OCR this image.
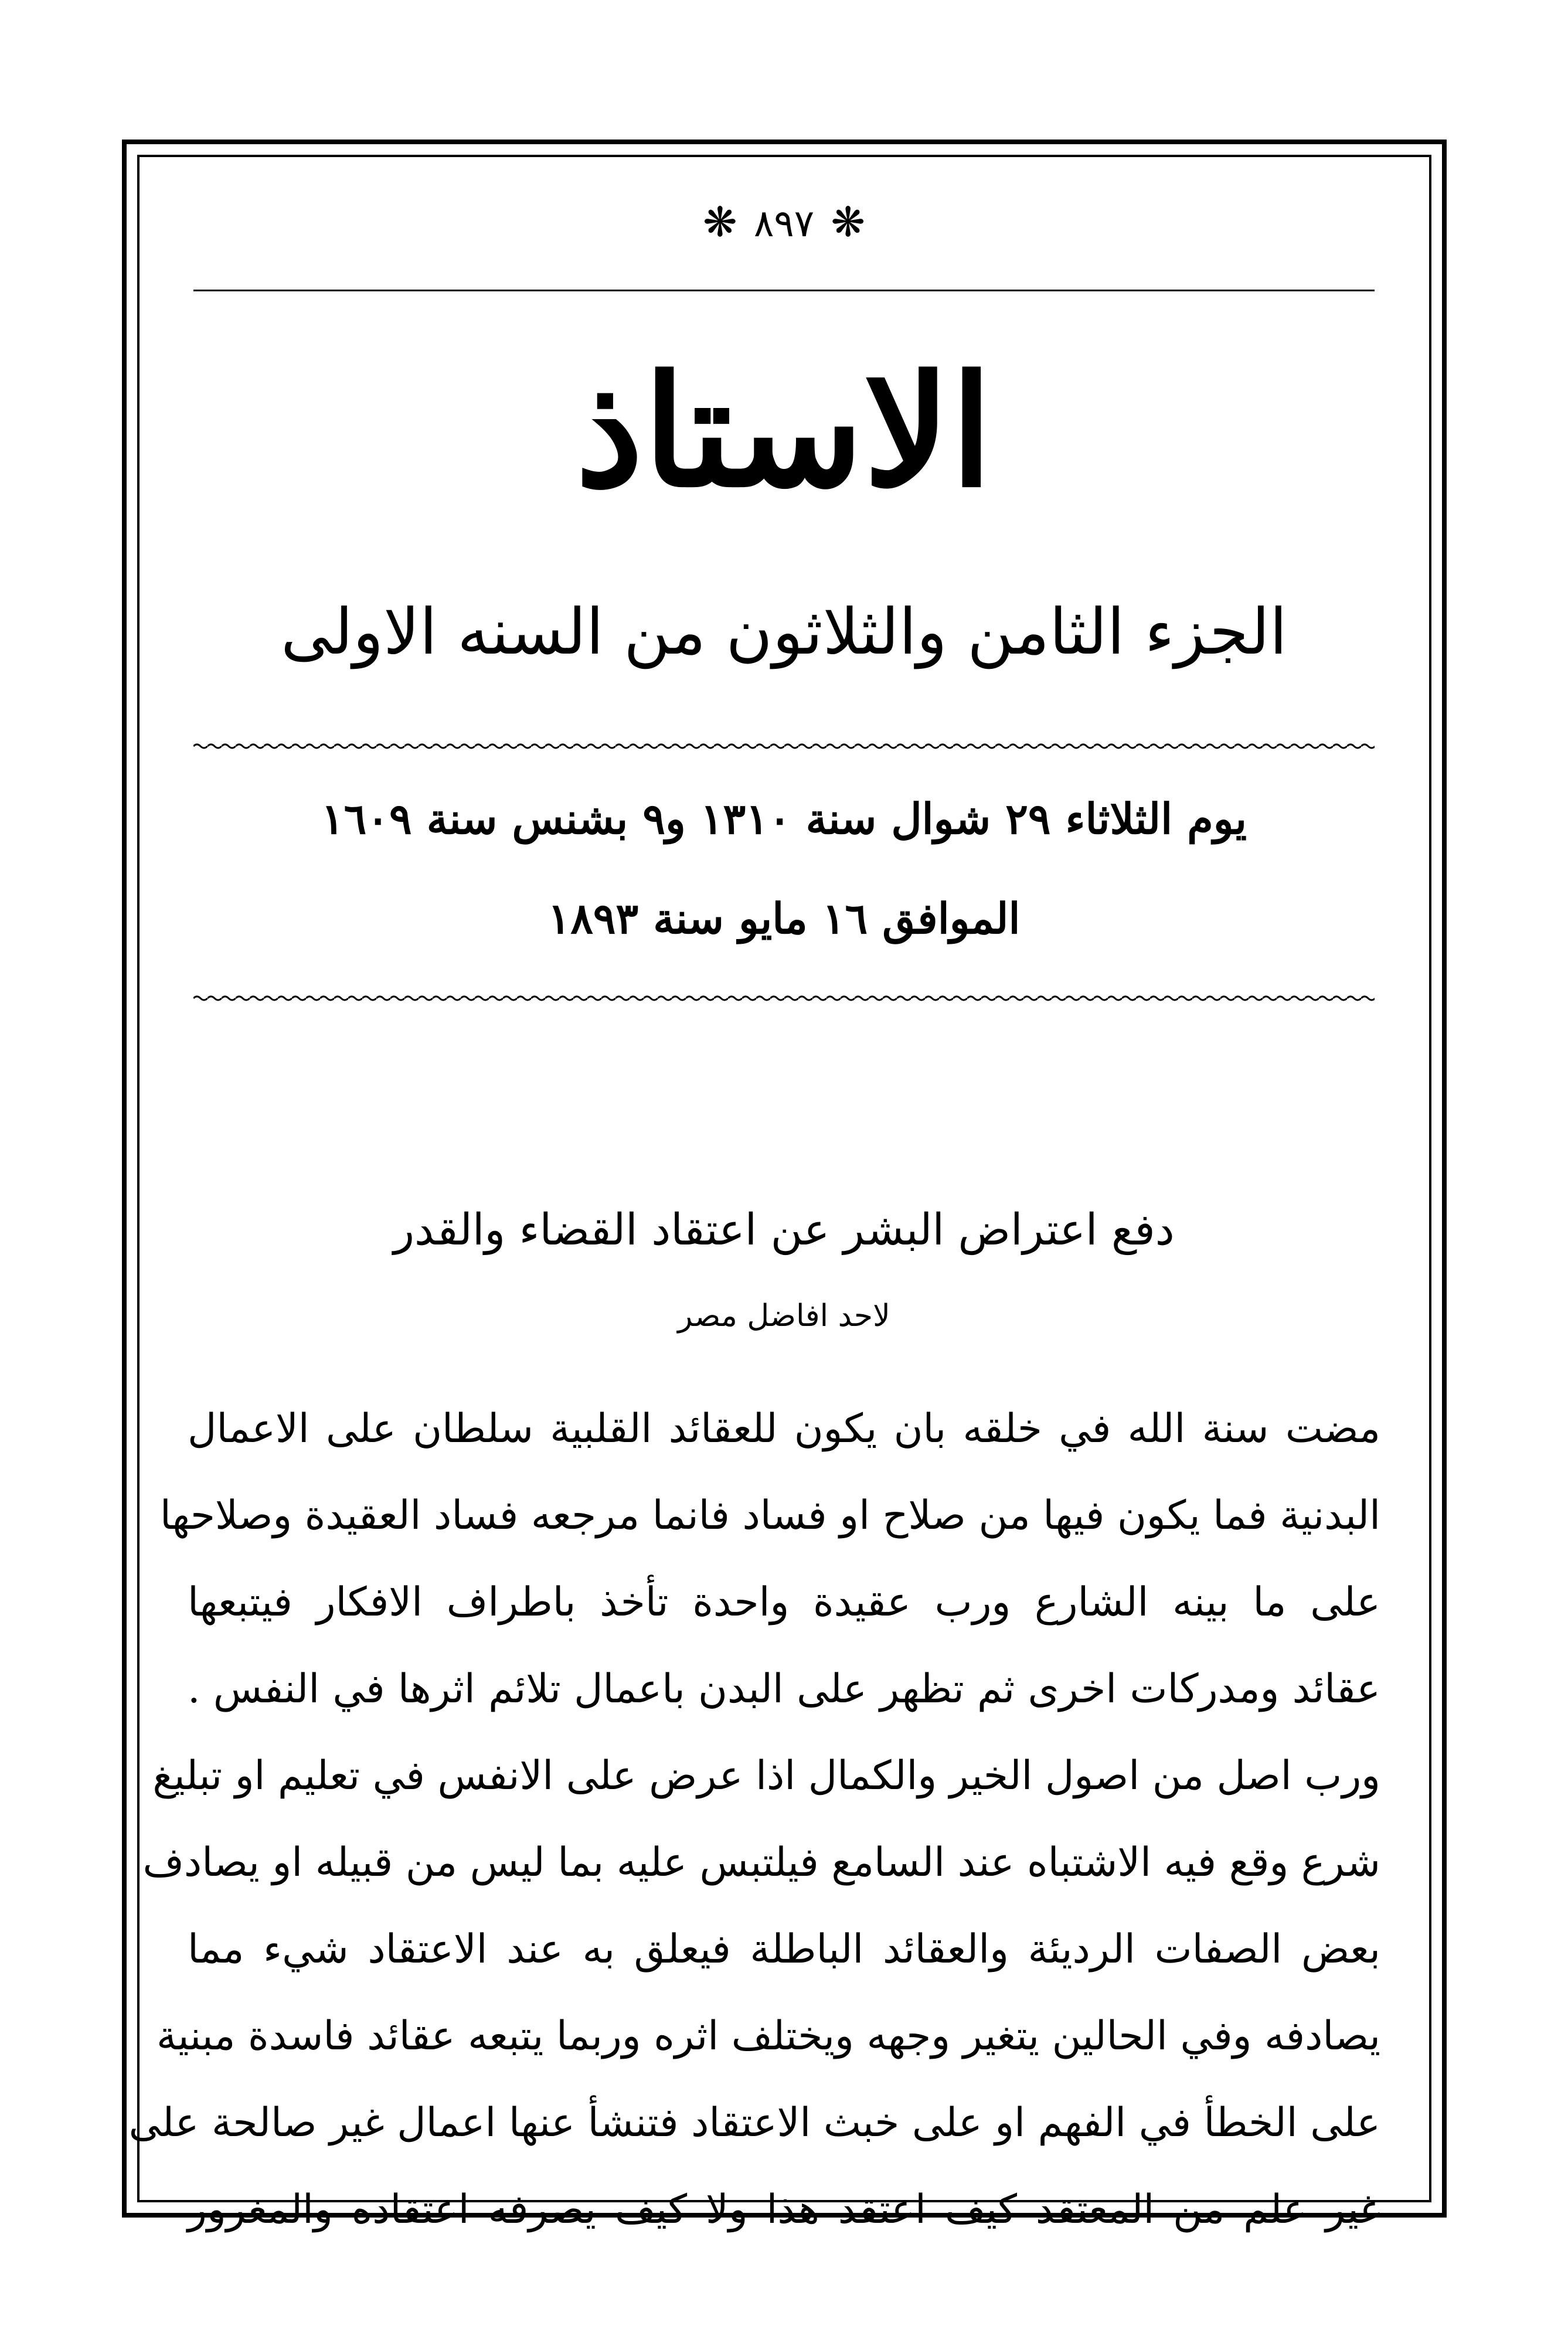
❋ ٨٩٧ ❋
الاستاذ
الجزء الثامن والثلاثون من السنه الاولى
يوم الثلاثاء ٢٩ شوال سنة ١٣١٠ و٩ بشنس سنة ١٦٠٩
الموافق ١٦ مايو سنة ١٨٩٣
دفع اعتراض البشر عن اعتقاد القضاء والقدر
لاحد افاضل مصر
مضت سنة الله في خلقه بان يكون للعقائد القلبية سلطان على الاعمال
البدنية فما يكون فيها من صلاح او فساد فانما مرجعه فساد العقيدة وصلاحها
على ما بينه الشارع ورب عقيدة واحدة تأخذ باطراف الافكار فيتبعها
عقائد ومدركات اخرى ثم تظهر على البدن باعمال تلائم اثرها في النفس .
ورب اصل من اصول الخير والكمال اذا عرض على الانفس في تعليم او تبليغ
شرع وقع فيه الاشتباه عند السامع فيلتبس عليه بما ليس من قبيله او يصادف
بعض الصفات الرديئة والعقائد الباطلة فيعلق به عند الاعتقاد شيء مما
يصادفه وفي الحالين يتغير وجهه ويختلف اثره وربما يتبعه عقائد فاسدة مبنية
على الخطأ في الفهم او على خبث الاعتقاد فتنشأ عنها اعمال غير صالحة على
غير علم من المعتقد كيف اعتقد هذا ولا كيف يصرفه اعتقاده والمغرور
